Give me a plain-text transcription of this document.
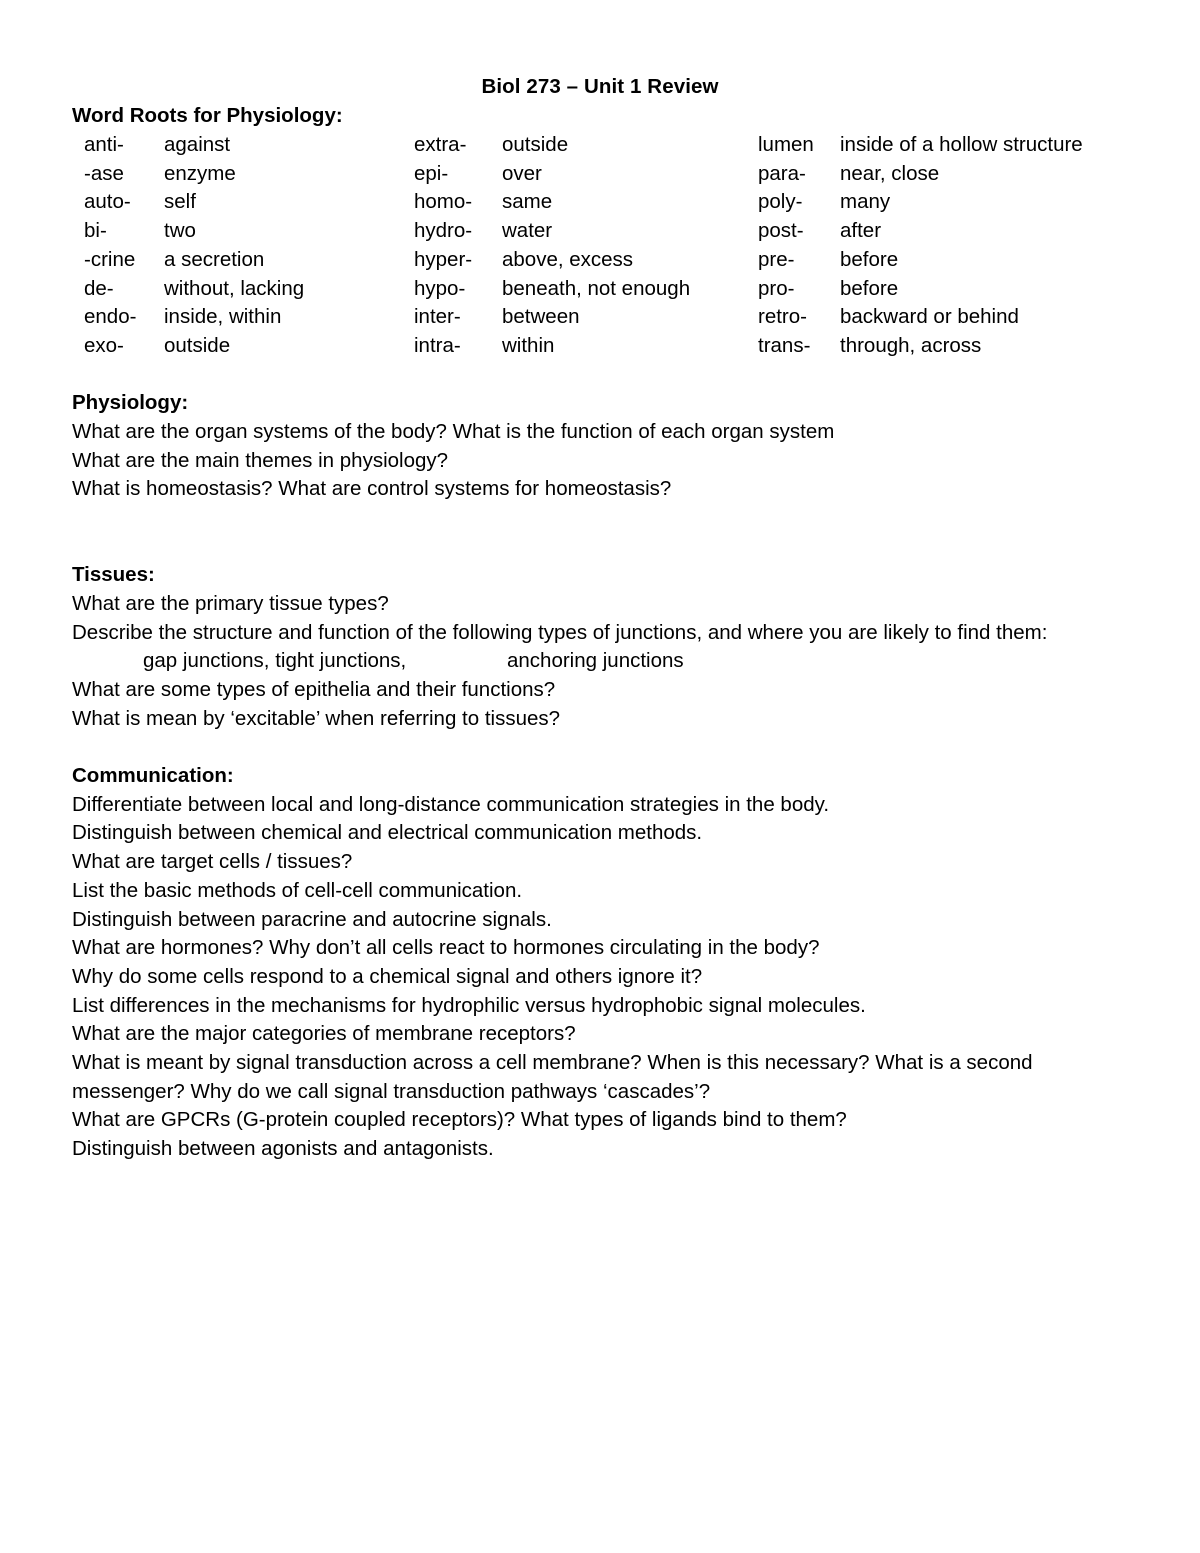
Biol 273 – Unit 1 Review
Word Roots for Physiology:
anti- against	extra- outside	lumen inside of a hollow structure
-ase enzyme	epi-	over	para- near, close
auto- self	homo- same	poly- many
bi-	two	hydro- water	post- after
-crine a secretion	hyper- above, excess	pre- before
de- without, lacking	hypo- beneath, not enough	pro- before
endo- inside, within	inter- between	retro- backward or behind
exo- outside	intra- within	trans- through, across
Physiology:
What are the organ systems of the body? What is the function of each organ system
What are the main themes in physiology?
What is homeostasis? What are control systems for homeostasis?
Tissues:
What are the primary tissue types?
Describe the structure and function of the following types of junctions, and where you are likely to find them:
gap junctions, tight junctions,	anchoring junctions
What are some types of epithelia and their functions?
What is mean by ‘excitable’ when referring to tissues?
Communication:
Differentiate between local and long-distance communication strategies in the body.
Distinguish between chemical and electrical communication methods.
What are target cells / tissues?
List the basic methods of cell-cell communication.
Distinguish between paracrine and autocrine signals.
What are hormones? Why don’t all cells react to hormones circulating in the body?
Why do some cells respond to a chemical signal and others ignore it?
List differences in the mechanisms for hydrophilic versus hydrophobic signal molecules.
What are the major categories of membrane receptors?
What is meant by signal transduction across a cell membrane? When is this necessary? What is a second
messenger? Why do we call signal transduction pathways ‘cascades’?
What are GPCRs (G-protein coupled receptors)? What types of ligands bind to them?
Distinguish between agonists and antagonists.
